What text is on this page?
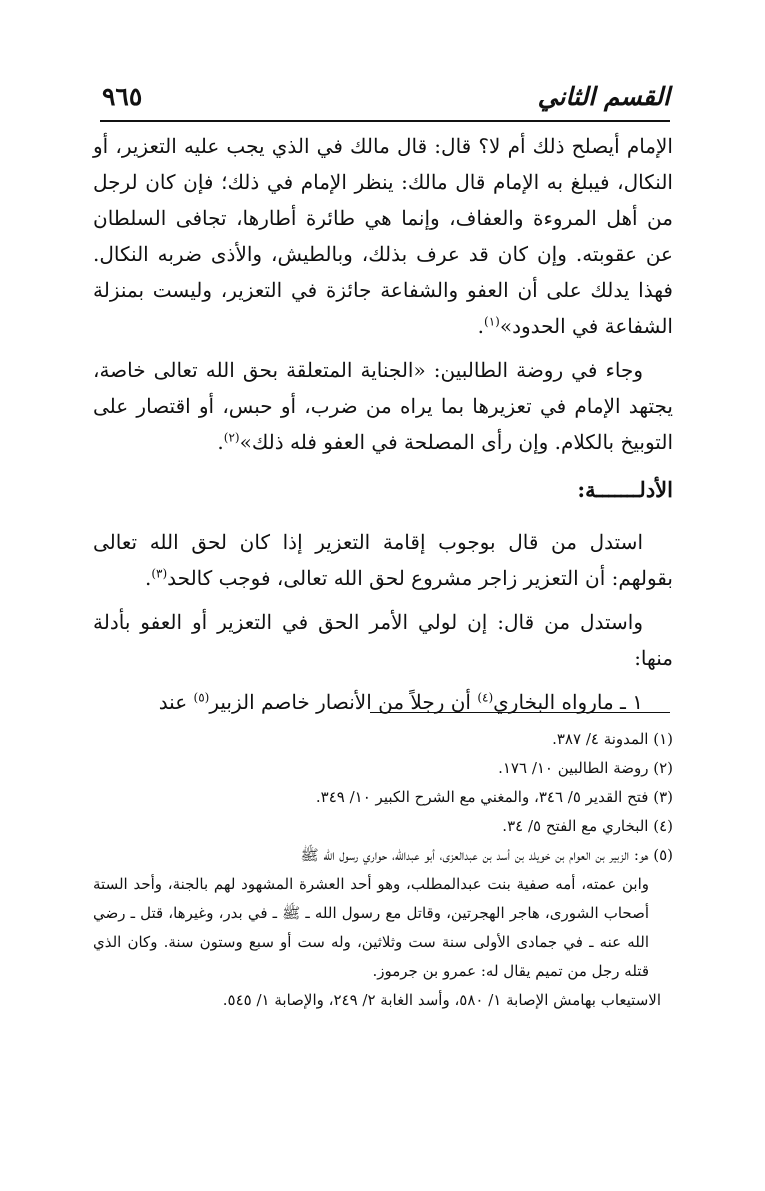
القسم الثاني
٩٦٥

الإمام أيصلح ذلك أم لا؟ قال: قال مالك في الذي يجب عليه التعزير، أو النكال، فيبلغ به الإمام قال مالك: ينظر الإمام في ذلك؛ فإن كان لرجل من أهل المروءة والعفاف، وإنما هي طائرة أطارها، تجافى السلطان عن عقوبته. وإن كان قد عرف بذلك، وبالطيش، والأذى ضربه النكال. فهذا يدلك على أن العفو والشفاعة جائزة في التعزير، وليست بمنزلة الشفاعة في الحدود»$^{(١)}$.

وجاء في روضة الطالبين: «الجناية المتعلقة بحق الله تعالى خاصة، يجتهد الإمام في تعزيرها بما يراه من ضرب، أو حبس، أو اقتصار على التوبيخ بالكلام. وإن رأى المصلحة في العفو فله ذلك»$^{(٢)}$.

الأدلـــــــة:

استدل من قال بوجوب إقامة التعزير إذا كان لحق الله تعالى بقولهم: أن التعزير زاجر مشروع لحق الله تعالى، فوجب كالحد$^{(٣)}$.

واستدل من قال: إن لولي الأمر الحق في التعزير أو العفو بأدلة منها:

١ ـ مارواه البخاري$^{(٤)}$ أن رجلاً من الأنصار خاصم الزبير$^{(٥)}$ عند

(١) المدونة ٤/ ٣٨٧.

(٢) روضة الطالبين ١٠/ ١٧٦.

(٣) فتح القدير ٥/ ٣٤٦، والمغني مع الشرح الكبير ١٠/ ٣٤٩.

(٤) البخاري مع الفتح ٥/ ٣٤.

(٥) هو: الزبير بن العوام بن خويلد بن أسد بن عبدالعزى، أبو عبدالله، حواري رسول الله ﷺ

وابن عمته، أمه صفية بنت عبدالمطلب، وهو أحد العشرة المشهود لهم بالجنة، وأحد الستة أصحاب الشورى، هاجر الهجرتين، وقاتل مع رسول الله ـ ﷺ ـ في بدر، وغيرها، قتل ـ رضي الله عنه ـ في جمادى الأولى سنة ست وثلاثين، وله ست أو سبع وستون سنة. وكان الذي قتله رجل من تميم يقال له: عمرو بن جرموز.

الاستيعاب بهامش الإصابة ١/ ٥٨٠، وأسد الغابة ٢/ ٢٤٩، والإصابة ١/ ٥٤٥.
